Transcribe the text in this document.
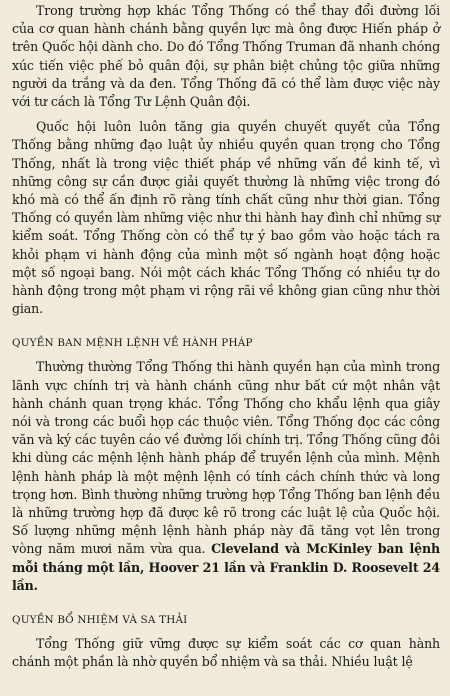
Trong trường hợp khác Tổng Thống có thể thay đổi đường lối của cơ quan hành chánh bằng quyền lực mà ông được Hiến pháp ở trên Quốc hội dành cho. Do đó Tổng Thống Truman đã nhanh chóng xúc tiến việc phế bỏ quân đội, sự phân biệt chủng tộc giữa những người da trắng và da đen. Tổng Thống đã có thể làm được việc này với tư cách là Tổng Tư Lệnh Quân đội.

Quốc hội luôn luôn tăng gia quyền chuyết quyết của Tổng Thống bằng những đạo luật ủy nhiều quyền quan trọng cho Tổng Thống, nhất là trong việc thiết pháp về những vấn đề kinh tế, vì những công sự cần được giải quyết thường là những việc trong đó khó mà có thể ấn định rõ ràng tính chất cũng như thời gian. Tổng Thống có quyền làm những việc như thi hành hay đình chỉ những sự kiểm soát. Tổng Thống còn có thể tự ý bao gồm vào hoặc tách ra khỏi phạm vi hành động của mình một số ngành hoạt động hoặc một số ngoại bang. Nói một cách khác Tổng Thống có nhiều tự do hành động trong một phạm vi rộng rãi về không gian cũng như thời gian.

QUYỀN BAN MỆNH LỆNH VỀ HÀNH PHÁP

Thường thường Tổng Thống thi hành quyền hạn của mình trong lãnh vực chính trị và hành chánh cũng như bất cứ một nhân vật hành chánh quan trọng khác. Tổng Thống cho khẩu lệnh qua giây nói và trong các buổi họp các thuộc viên. Tổng Thống đọc các công văn và ký các tuyên cáo về đường lối chính trị. Tổng Thống cũng đôi khi dùng các mệnh lệnh hành pháp để truyền lệnh của mình. Mệnh lệnh hành pháp là một mệnh lệnh có tính cách chính thức và long trọng hơn. Bình thường những trường hợp Tổng Thống ban lệnh đều là những trường hợp đã được kê rõ trong các luật lệ của Quốc hội. Số lượng những mệnh lệnh hành pháp này đã tăng vọt lên trong vòng năm mươi năm vừa qua. Cleveland và McKinley ban lệnh mỗi tháng một lần, Hoover 21 lần và Franklin D. Roosevelt 24 lần.

QUYỀN BỔ NHIỆM VÀ SA THẢI

Tổng Thống giữ vững được sự kiểm soát các cơ quan hành chánh một phần là nhờ quyền bổ nhiệm và sa thải. Nhiều luật lệ
